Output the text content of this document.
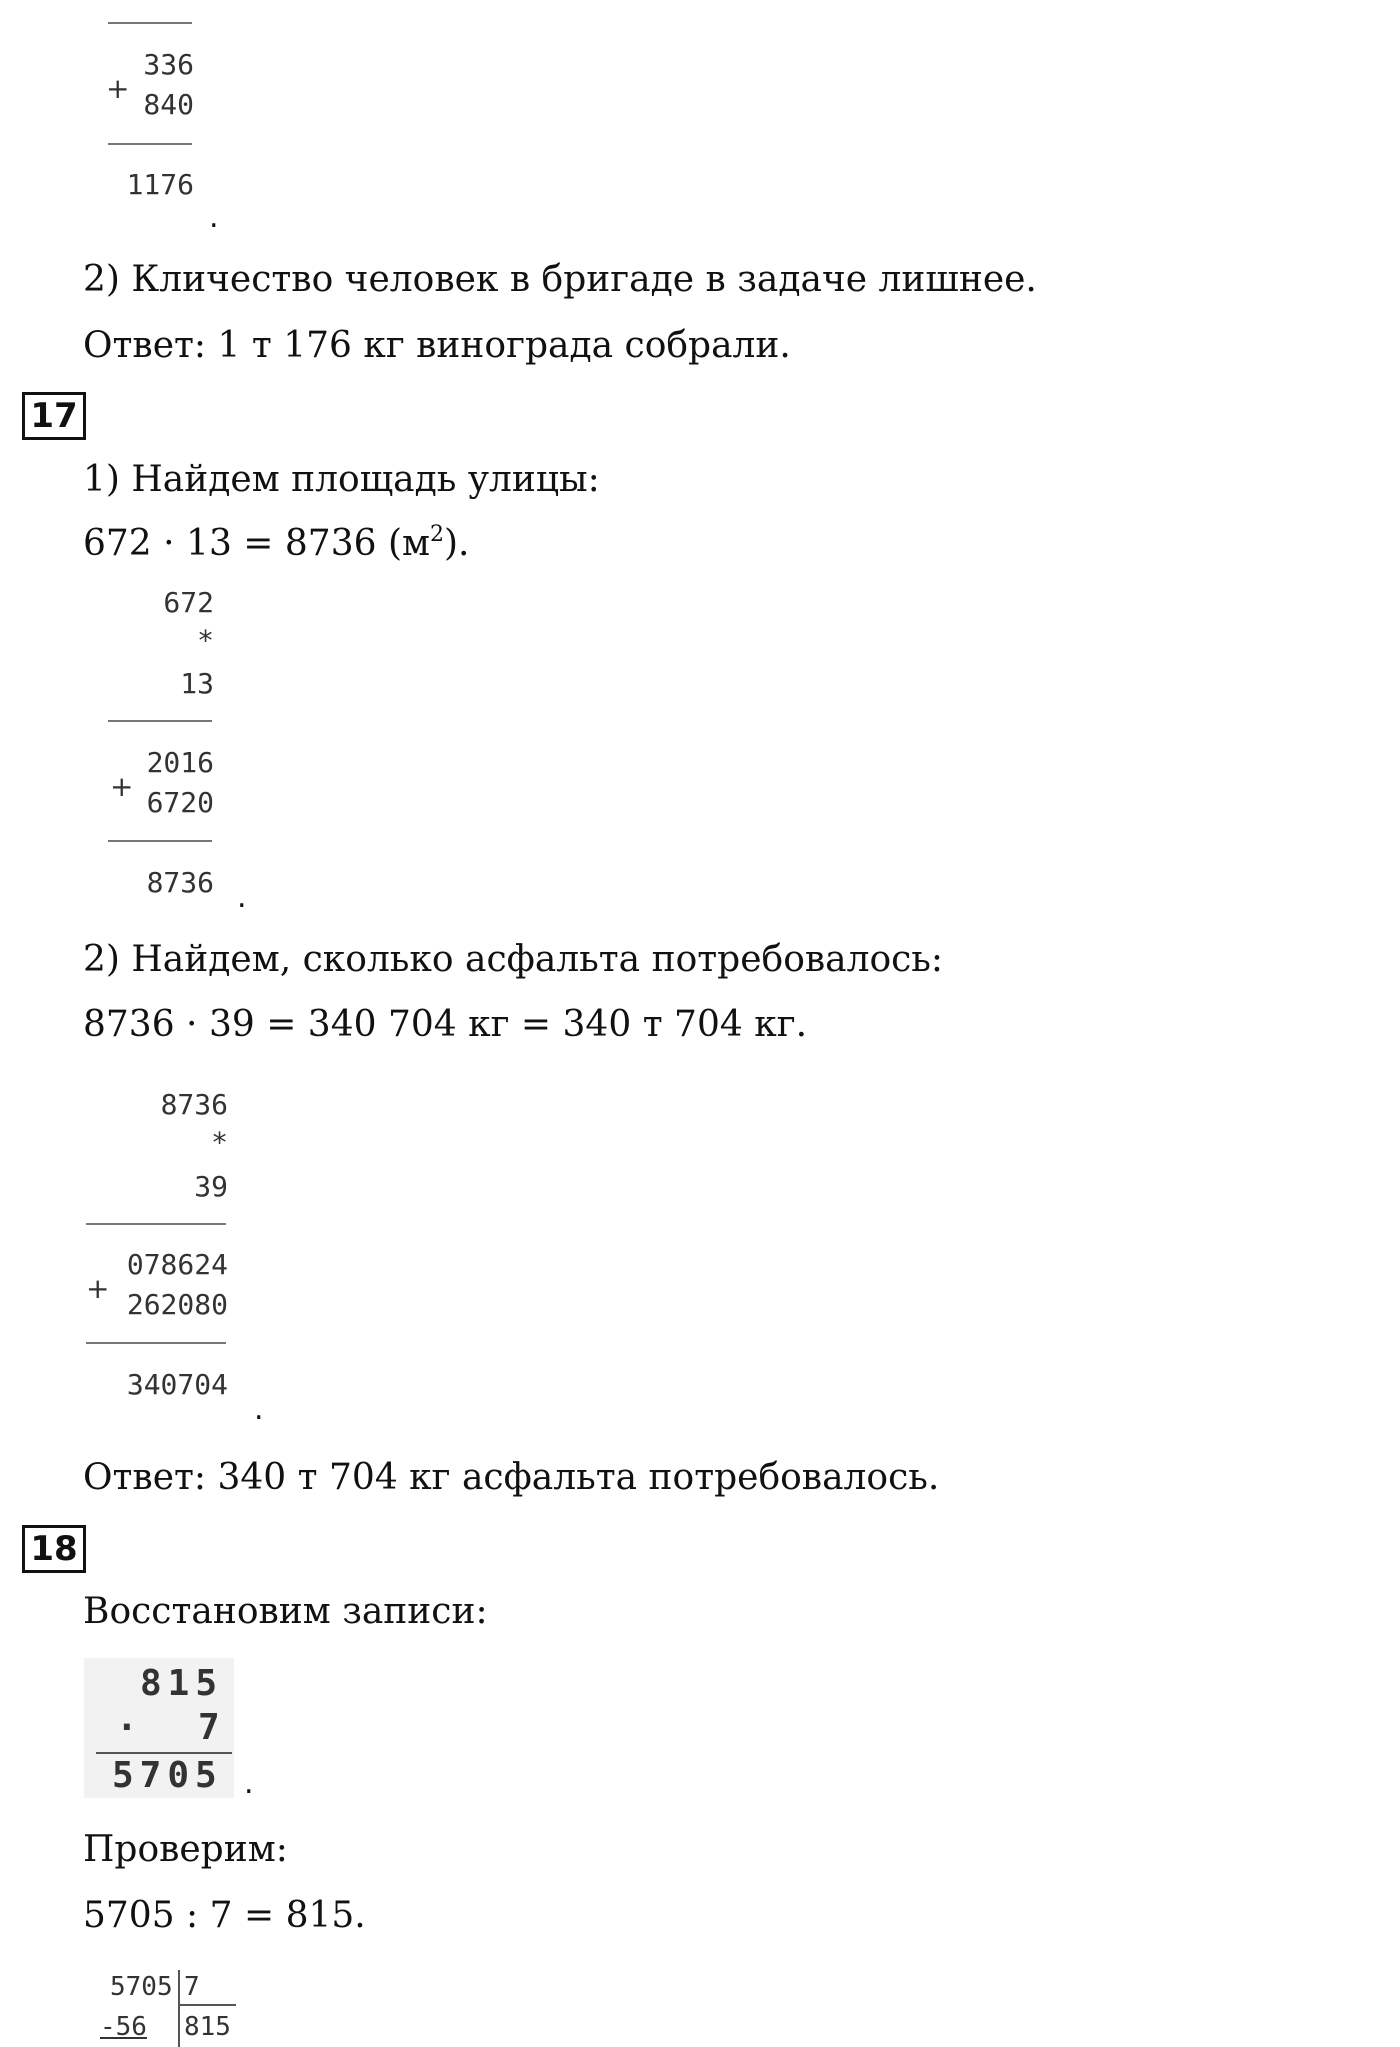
336
+ 840
1176
.
2) Кличество человек в бригаде в задаче лишнее.
Ответ: 1 т 176 кг винограда собрали.
17
1) Найдем площадь улицы:
672 · 13 = 8736 $(м^2)$.
672
*
13
2016
+ 6720
8736 .
2) Найдем, сколько асфальта потребовалось:
8736 · 39 = 340 704 кг = 340 т 704 кг.
8736
*
39
078624
+ 262080
340704
.
Ответ: 340 т 704 кг асфальта потребовалось.
18
Восстановим записи:
815
· 7
5705 .
Проверим:
5705 : 7 = 815.
5705 7
-56 815
